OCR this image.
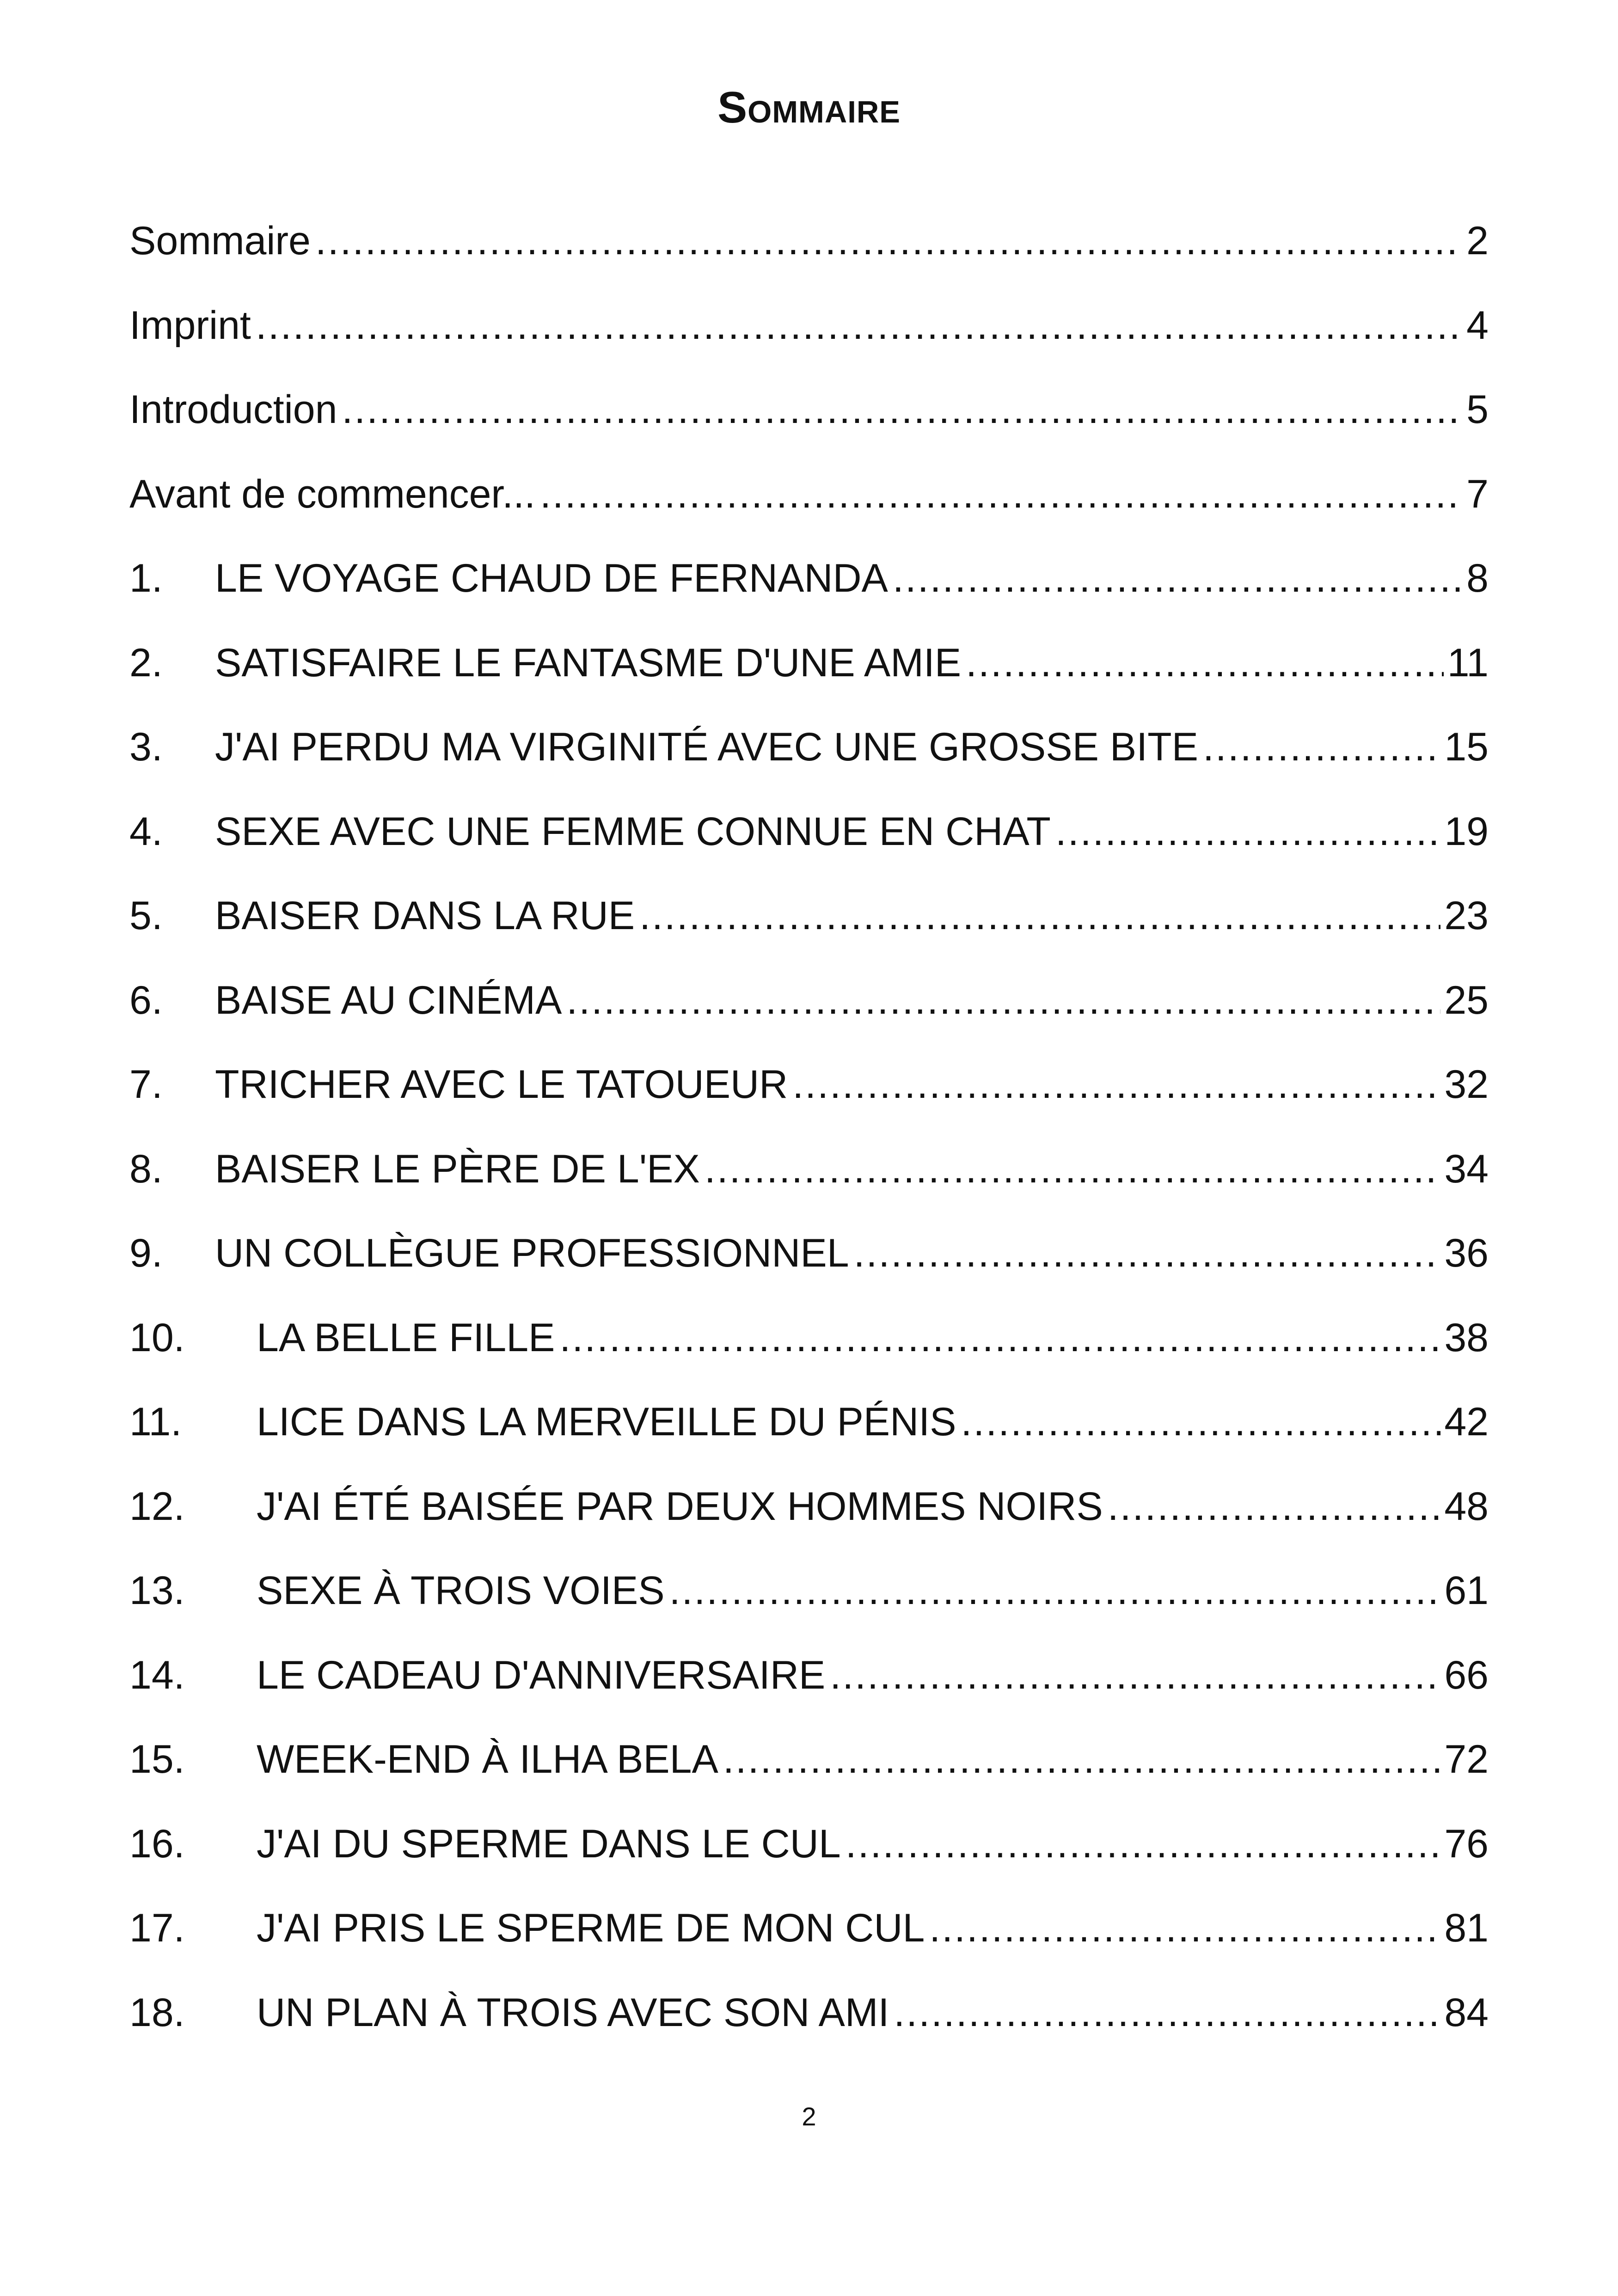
Sommaire
Sommaire .....	2
Imprint .....	4
Introduction .....	5
Avant de commencer... .....	7
1.	LE VOYAGE CHAUD DE FERNANDA .....	8
2.	SATISFAIRE LE FANTASME D'UNE AMIE .....	11
3.	J'AI PERDU MA VIRGINITÉ AVEC UNE GROSSE BITE .....	15
4.	SEXE AVEC UNE FEMME CONNUE EN CHAT .....	19
5.	BAISER DANS LA RUE .....	23
6.	BAISE AU CINÉMA .....	25
7.	TRICHER AVEC LE TATOUEUR .....	32
8.	BAISER LE PÈRE DE L'EX .....	34
9.	UN COLLÈGUE PROFESSIONNEL .....	36
10.	LA BELLE FILLE .....	38
11.	LICE DANS LA MERVEILLE DU PÉNIS .....	42
12.	J'AI ÉTÉ BAISÉE PAR DEUX HOMMES NOIRS .....	48
13.	SEXE À TROIS VOIES .....	61
14.	LE CADEAU D'ANNIVERSAIRE .....	66
15.	WEEK-END À ILHA BELA .....	72
16.	J'AI DU SPERME DANS LE CUL .....	76
17.	J'AI PRIS LE SPERME DE MON CUL .....	81
18.	UN PLAN À TROIS AVEC SON AMI .....	84
2
